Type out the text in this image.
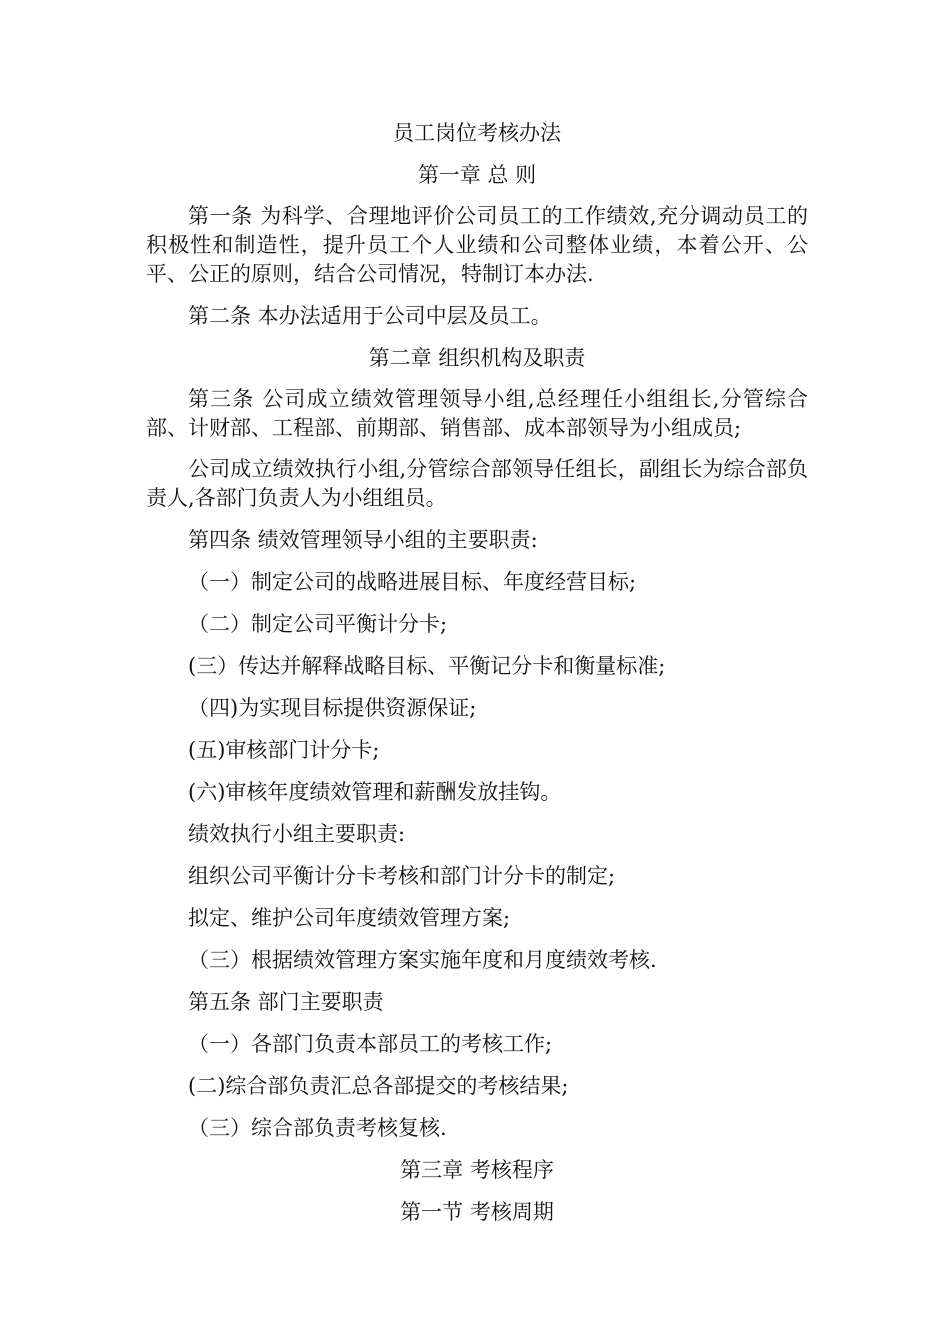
员工岗位考核办法
第一章 总 则
第一条 为科学、合理地评价公司员工的工作绩效,充分调动员工的积极性和制造性，提升员工个人业绩和公司整体业绩，本着公开、公平、公正的原则，结合公司情况，特制订本办法.
第二条 本办法适用于公司中层及员工。
第二章 组织机构及职责
第三条 公司成立绩效管理领导小组,总经理任小组组长,分管综合部、计财部、工程部、前期部、销售部、成本部领导为小组成员;
公司成立绩效执行小组,分管综合部领导任组长，副组长为综合部负责人,各部门负责人为小组组员。
第四条 绩效管理领导小组的主要职责:
（一）制定公司的战略进展目标、年度经营目标;
（二）制定公司平衡计分卡;
(三）传达并解释战略目标、平衡记分卡和衡量标准;
（四)为实现目标提供资源保证;
(五)审核部门计分卡;
(六)审核年度绩效管理和薪酬发放挂钩。
绩效执行小组主要职责:
组织公司平衡计分卡考核和部门计分卡的制定;
拟定、维护公司年度绩效管理方案;
（三）根据绩效管理方案实施年度和月度绩效考核.
第五条 部门主要职责
（一）各部门负责本部员工的考核工作;
(二)综合部负责汇总各部提交的考核结果;
（三）综合部负责考核复核.
第三章 考核程序
第一节 考核周期
